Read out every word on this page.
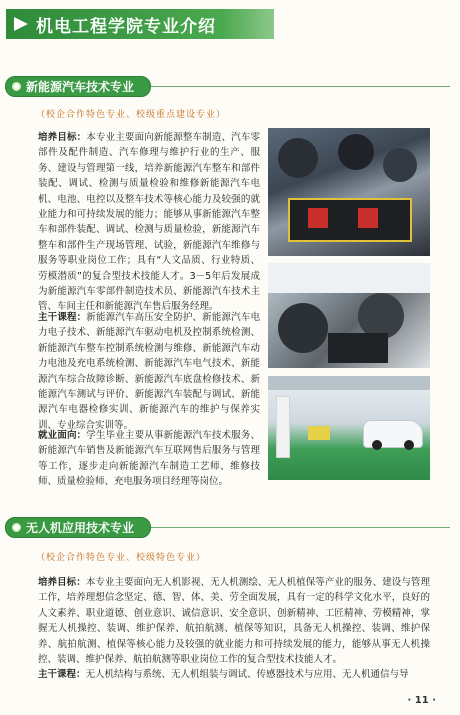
机电工程学院专业介绍
新能源汽车技术专业
（校企合作特色专业、校级重点建设专业）

培养目标：本专业主要面向新能源整车制造、汽车零部件及配件制造、汽车修理与维护行业的生产、服务、建设与管理第一线，培养新能源汽车整车和部件装配、调试、检测与质量检验和维修新能源汽车电机、电池、电控以及整车技术等核心能力及较强的就业能力和可持续发展的能力；能够从事新能源汽车整车和部件装配、调试、检测与质量检验，新能源汽车整车和部件生产现场管理、试验，新能源汽车维修与服务等职业岗位工作；具有“人文品质、行业特质、劳模潜质”的复合型技术技能人才。3－5年后发展成为新能源汽车零部件制造技术员、新能源汽车技术主管、车间主任和新能源汽车售后服务经理。

主干课程：新能源汽车高压安全防护、新能源汽车电力电子技术、新能源汽车驱动电机及控制系统检测、新能源汽车整车控制系统检测与维修、新能源汽车动力电池及充电系统检测、新能源汽车电气技术、新能源汽车综合故障诊断、新能源汽车底盘检修技术、新能源汽车测试与评价、新能源汽车装配与调试、新能源汽车电器检修实训、新能源汽车的维护与保养实训、专业综合实训等。

就业面向：学生毕业主要从事新能源汽车技术服务、新能源汽车销售及新能源汽车互联网售后服务与管理等工作，逐步走向新能源汽车制造工艺师、维修技师、质量检验师、充电服务项目经理等岗位。

无人机应用技术专业
（校企合作特色专业、校级特色专业）

培养目标：本专业主要面向无人机影视、无人机测绘、无人机植保等产业的服务、建设与管理工作，培养理想信念坚定、德、智、体、美、劳全面发展，具有一定的科学文化水平，良好的人文素养、职业道德、创业意识、诚信意识、安全意识、创新精神、工匠精神、劳模精神，掌握无人机操控、装调、维护保养、航拍航测、植保等知识，具备无人机操控、装调、维护保养、航拍航测、植保等核心能力及较强的就业能力和可持续发展的能力，能够从事无人机操控、装调、维护保养、航拍航测等职业岗位工作的复合型技术技能人才。

主干课程：无人机结构与系统、无人机组装与调试、传感器技术与应用、无人机通信与导

· 11 ·
